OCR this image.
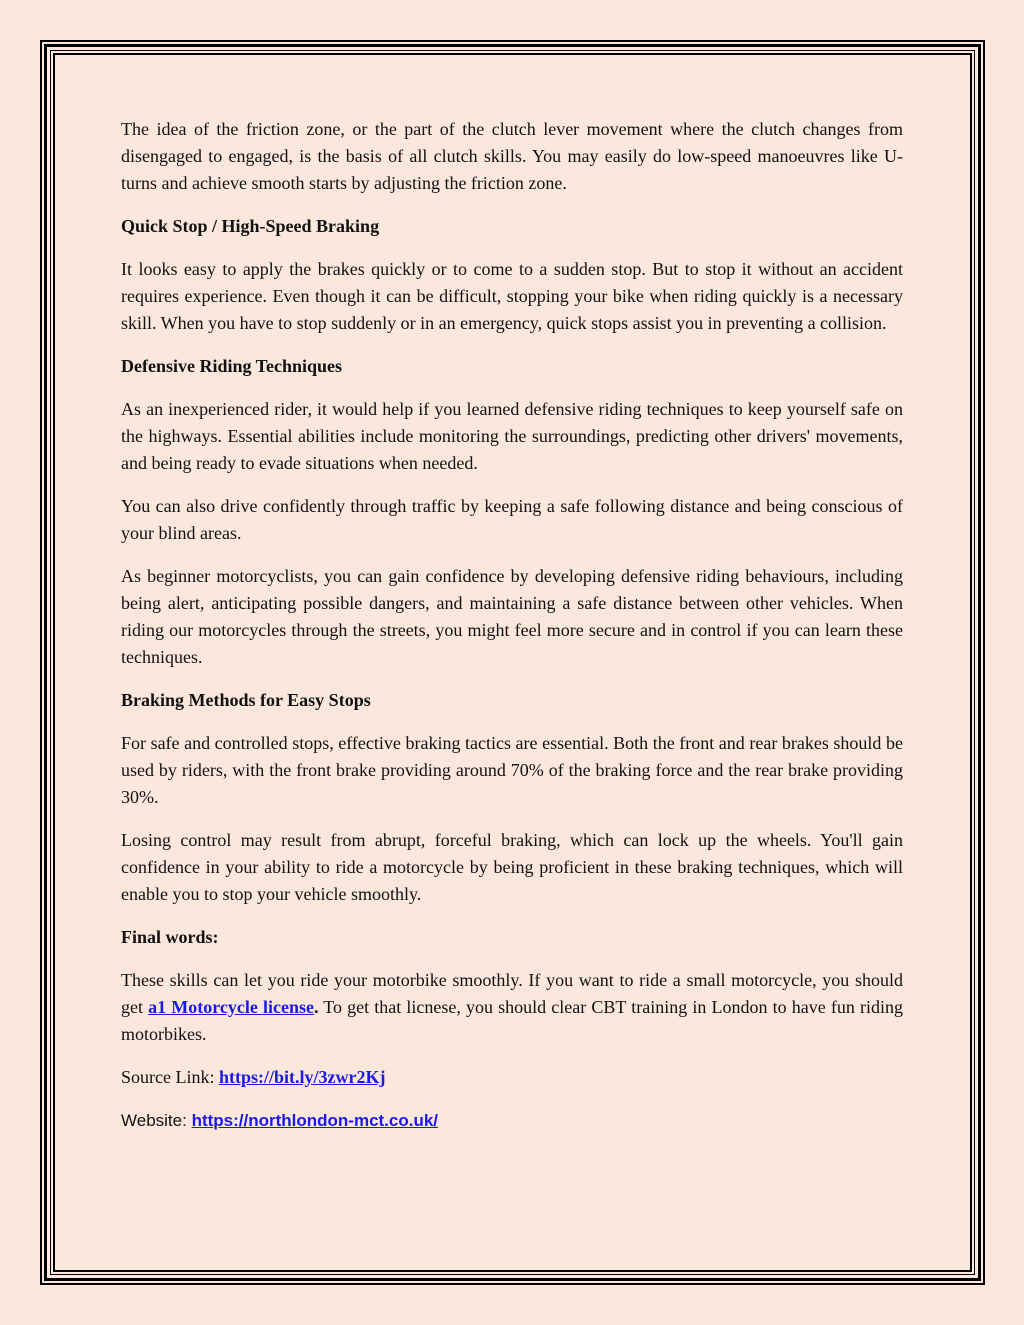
The idea of the friction zone, or the part of the clutch lever movement where the clutch changes from disengaged to engaged, is the basis of all clutch skills. You may easily do low-speed manoeuvres like U-turns and achieve smooth starts by adjusting the friction zone.

Quick Stop / High-Speed Braking

It looks easy to apply the brakes quickly or to come to a sudden stop. But to stop it without an accident requires experience. Even though it can be difficult, stopping your bike when riding quickly is a necessary skill. When you have to stop suddenly or in an emergency, quick stops assist you in preventing a collision.

Defensive Riding Techniques

As an inexperienced rider, it would help if you learned defensive riding techniques to keep yourself safe on the highways. Essential abilities include monitoring the surroundings, predicting other drivers' movements, and being ready to evade situations when needed.

You can also drive confidently through traffic by keeping a safe following distance and being conscious of your blind areas.

As beginner motorcyclists, you can gain confidence by developing defensive riding behaviours, including being alert, anticipating possible dangers, and maintaining a safe distance between other vehicles. When riding our motorcycles through the streets, you might feel more secure and in control if you can learn these techniques.

Braking Methods for Easy Stops

For safe and controlled stops, effective braking tactics are essential. Both the front and rear brakes should be used by riders, with the front brake providing around 70% of the braking force and the rear brake providing 30%.

Losing control may result from abrupt, forceful braking, which can lock up the wheels. You'll gain confidence in your ability to ride a motorcycle by being proficient in these braking techniques, which will enable you to stop your vehicle smoothly.

Final words:

These skills can let you ride your motorbike smoothly. If you want to ride a small motorcycle, you should get a1 Motorcycle license. To get that licnese, you should clear CBT training in London to have fun riding motorbikes.

Source Link: https://bit.ly/3zwr2Kj

Website: https://northlondon-mct.co.uk/
